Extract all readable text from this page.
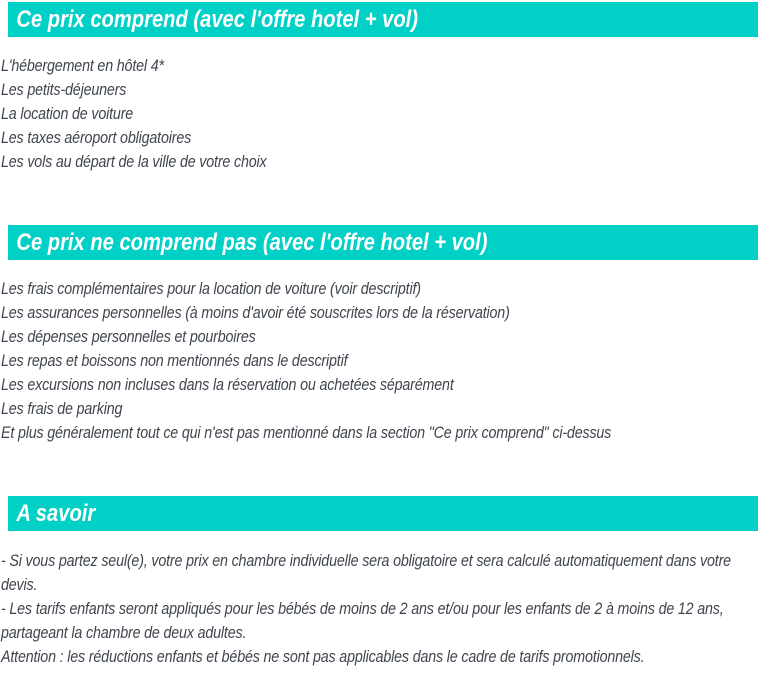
Ce prix comprend (avec l'offre hotel + vol)

L'hébergement en hôtel 4*

Les petits-déjeuners

La location de voiture

Les taxes aéroport obligatoires

Les vols au départ de la ville de votre choix

Ce prix ne comprend pas (avec l'offre hotel + vol)

Les frais complémentaires pour la location de voiture (voir descriptif)

Les assurances personnelles (à moins d'avoir été souscrites lors de la réservation)

Les dépenses personnelles et pourboires

Les repas et boissons non mentionnés dans le descriptif

Les excursions non incluses dans la réservation ou achetées séparément

Les frais de parking

Et plus généralement tout ce qui n'est pas mentionné dans la section "Ce prix comprend" ci-dessus

A savoir

- Si vous partez seul(e), votre prix en chambre individuelle sera obligatoire et sera calculé automatiquement dans votre devis.

- Les tarifs enfants seront appliqués pour les bébés de moins de 2 ans et/ou pour les enfants de 2 à moins de 12 ans, partageant la chambre de deux adultes.

Attention : les réductions enfants et bébés ne sont pas applicables dans le cadre de tarifs promotionnels.
